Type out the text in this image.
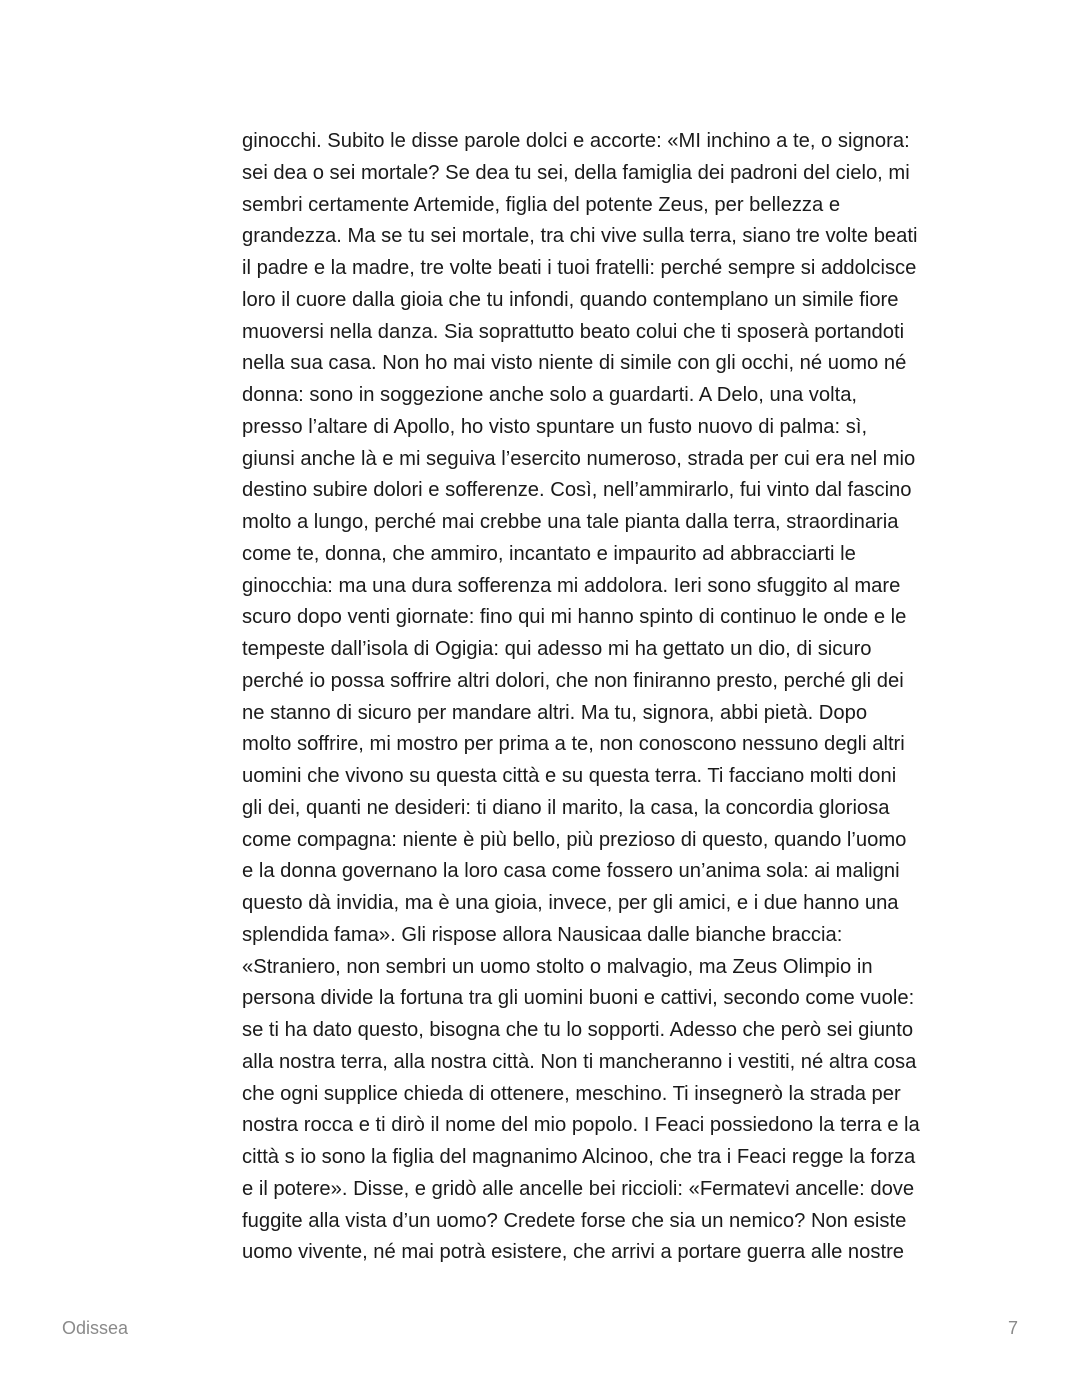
ginocchi. Subito le disse parole dolci e accorte: «MI inchino a te, o signora:
sei dea o sei mortale? Se dea tu sei, della famiglia dei padroni del cielo, mi
sembri certamente Artemide, figlia del potente Zeus, per bellezza e
grandezza. Ma se tu sei mortale, tra chi vive sulla terra, siano tre volte beati
il padre e la madre, tre volte beati i tuoi fratelli: perché sempre si addolcisce
loro il cuore dalla gioia che tu infondi, quando contemplano un simile fiore
muoversi nella danza. Sia soprattutto beato colui che ti sposerà portandoti
nella sua casa. Non ho mai visto niente di simile con gli occhi, né uomo né
donna: sono in soggezione anche solo a guardarti. A Delo, una volta,
presso l’altare di Apollo, ho visto spuntare un fusto nuovo di palma: sì,
giunsi anche là e mi seguiva l’esercito numeroso, strada per cui era nel mio
destino subire dolori e sofferenze. Così, nell’ammirarlo, fui vinto dal fascino
molto a lungo, perché mai crebbe una tale pianta dalla terra, straordinaria
come te, donna, che ammiro, incantato e impaurito ad abbracciarti le
ginocchia: ma una dura sofferenza mi addolora. Ieri sono sfuggito al mare
scuro dopo venti giornate: fino qui mi hanno spinto di continuo le onde e le
tempeste dall’isola di Ogigia: qui adesso mi ha gettato un dio, di sicuro
perché io possa soffrire altri dolori, che non finiranno presto, perché gli dei
ne stanno di sicuro per mandare altri. Ma tu, signora, abbi pietà. Dopo
molto soffrire, mi mostro per prima a te, non conoscono nessuno degli altri
uomini che vivono su questa città e su questa terra. Ti facciano molti doni
gli dei, quanti ne desideri: ti diano il marito, la casa, la concordia gloriosa
come compagna: niente è più bello, più prezioso di questo, quando l’uomo
e la donna governano la loro casa come fossero un’anima sola: ai maligni
questo dà invidia, ma è una gioia, invece, per gli amici, e i due hanno una
splendida fama». Gli rispose allora Nausicaa dalle bianche braccia:
«Straniero, non sembri un uomo stolto o malvagio, ma Zeus Olimpio in
persona divide la fortuna tra gli uomini buoni e cattivi, secondo come vuole:
se ti ha dato questo, bisogna che tu lo sopporti. Adesso che però sei giunto
alla nostra terra, alla nostra città. Non ti mancheranno i vestiti, né altra cosa
che ogni supplice chieda di ottenere, meschino. Ti insegnerò la strada per
nostra rocca e ti dirò il nome del mio popolo. I Feaci possiedono la terra e la
città s io sono la figlia del magnanimo Alcinoo, che tra i Feaci regge la forza
e il potere». Disse, e gridò alle ancelle bei riccioli: «Fermatevi ancelle: dove
fuggite alla vista d’un uomo? Credete forse che sia un nemico? Non esiste
uomo vivente, né mai potrà esistere, che arrivi a portare guerra alle nostre
Odissea	7
